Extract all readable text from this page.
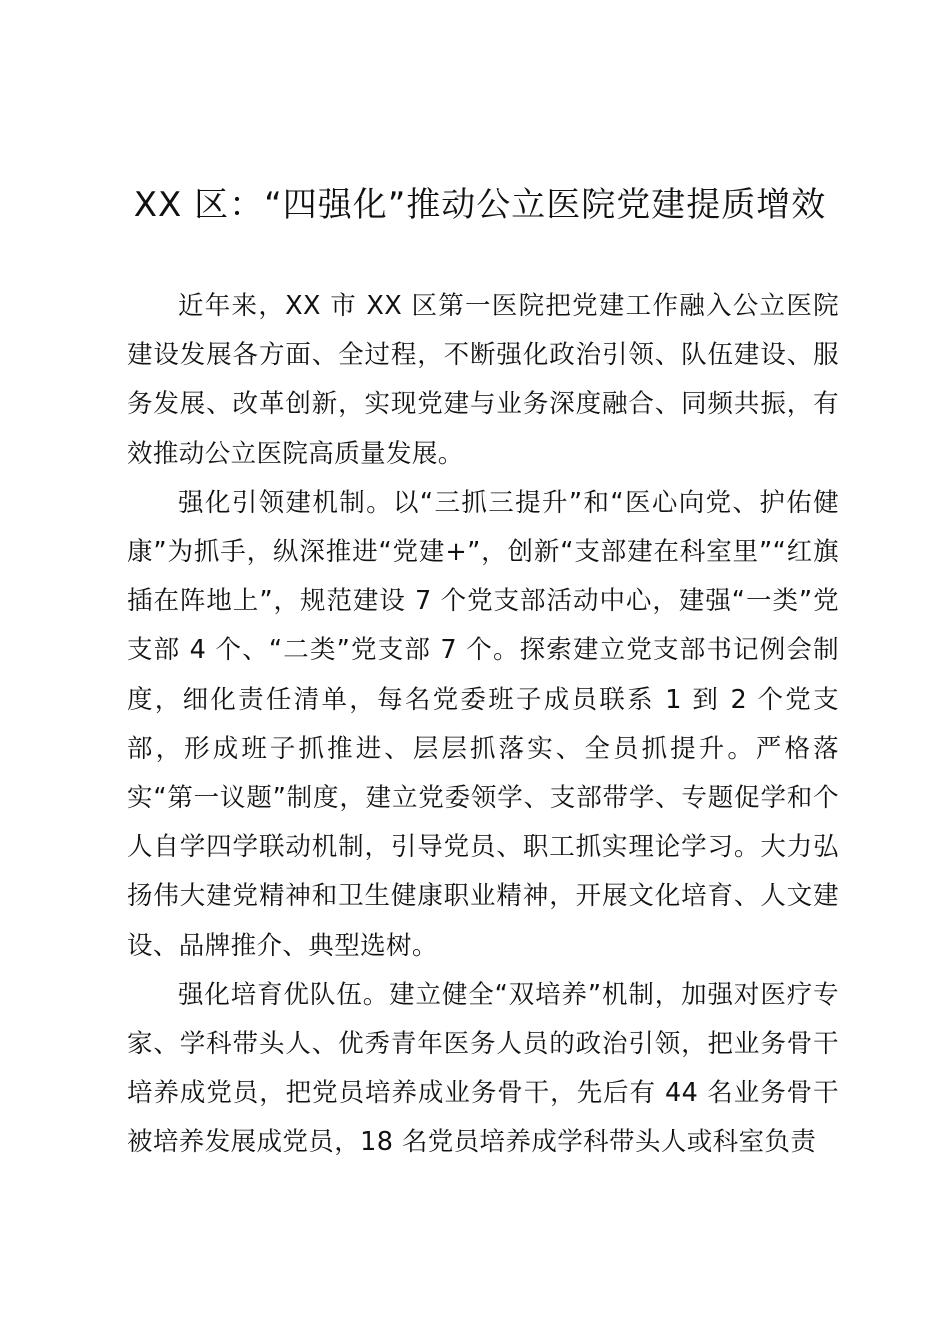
XX 区：“四强化”推动公立医院党建提质增效

近年来，XX 市 XX 区第一医院把党建工作融入公立医院建设发展各方面、全过程，不断强化政治引领、队伍建设、服务发展、改革创新，实现党建与业务深度融合、同频共振，有效推动公立医院高质量发展。

强化引领建机制。以“三抓三提升”和“医心向党、护佑健康”为抓手，纵深推进“党建+”，创新“支部建在科室里”“红旗插在阵地上”，规范建设 7 个党支部活动中心，建强“一类”党支部 4 个、“二类”党支部 7 个。探索建立党支部书记例会制度，细化责任清单，每名党委班子成员联系 1 到 2 个党支部，形成班子抓推进、层层抓落实、全员抓提升。严格落实“第一议题”制度，建立党委领学、支部带学、专题促学和个人自学四学联动机制，引导党员、职工抓实理论学习。大力弘扬伟大建党精神和卫生健康职业精神，开展文化培育、人文建设、品牌推介、典型选树。

强化培育优队伍。建立健全“双培养”机制，加强对医疗专家、学科带头人、优秀青年医务人员的政治引领，把业务骨干培养成党员，把党员培养成业务骨干，先后有 44 名业务骨干被培养发展成党员，18 名党员培养成学科带头人或科室负责
